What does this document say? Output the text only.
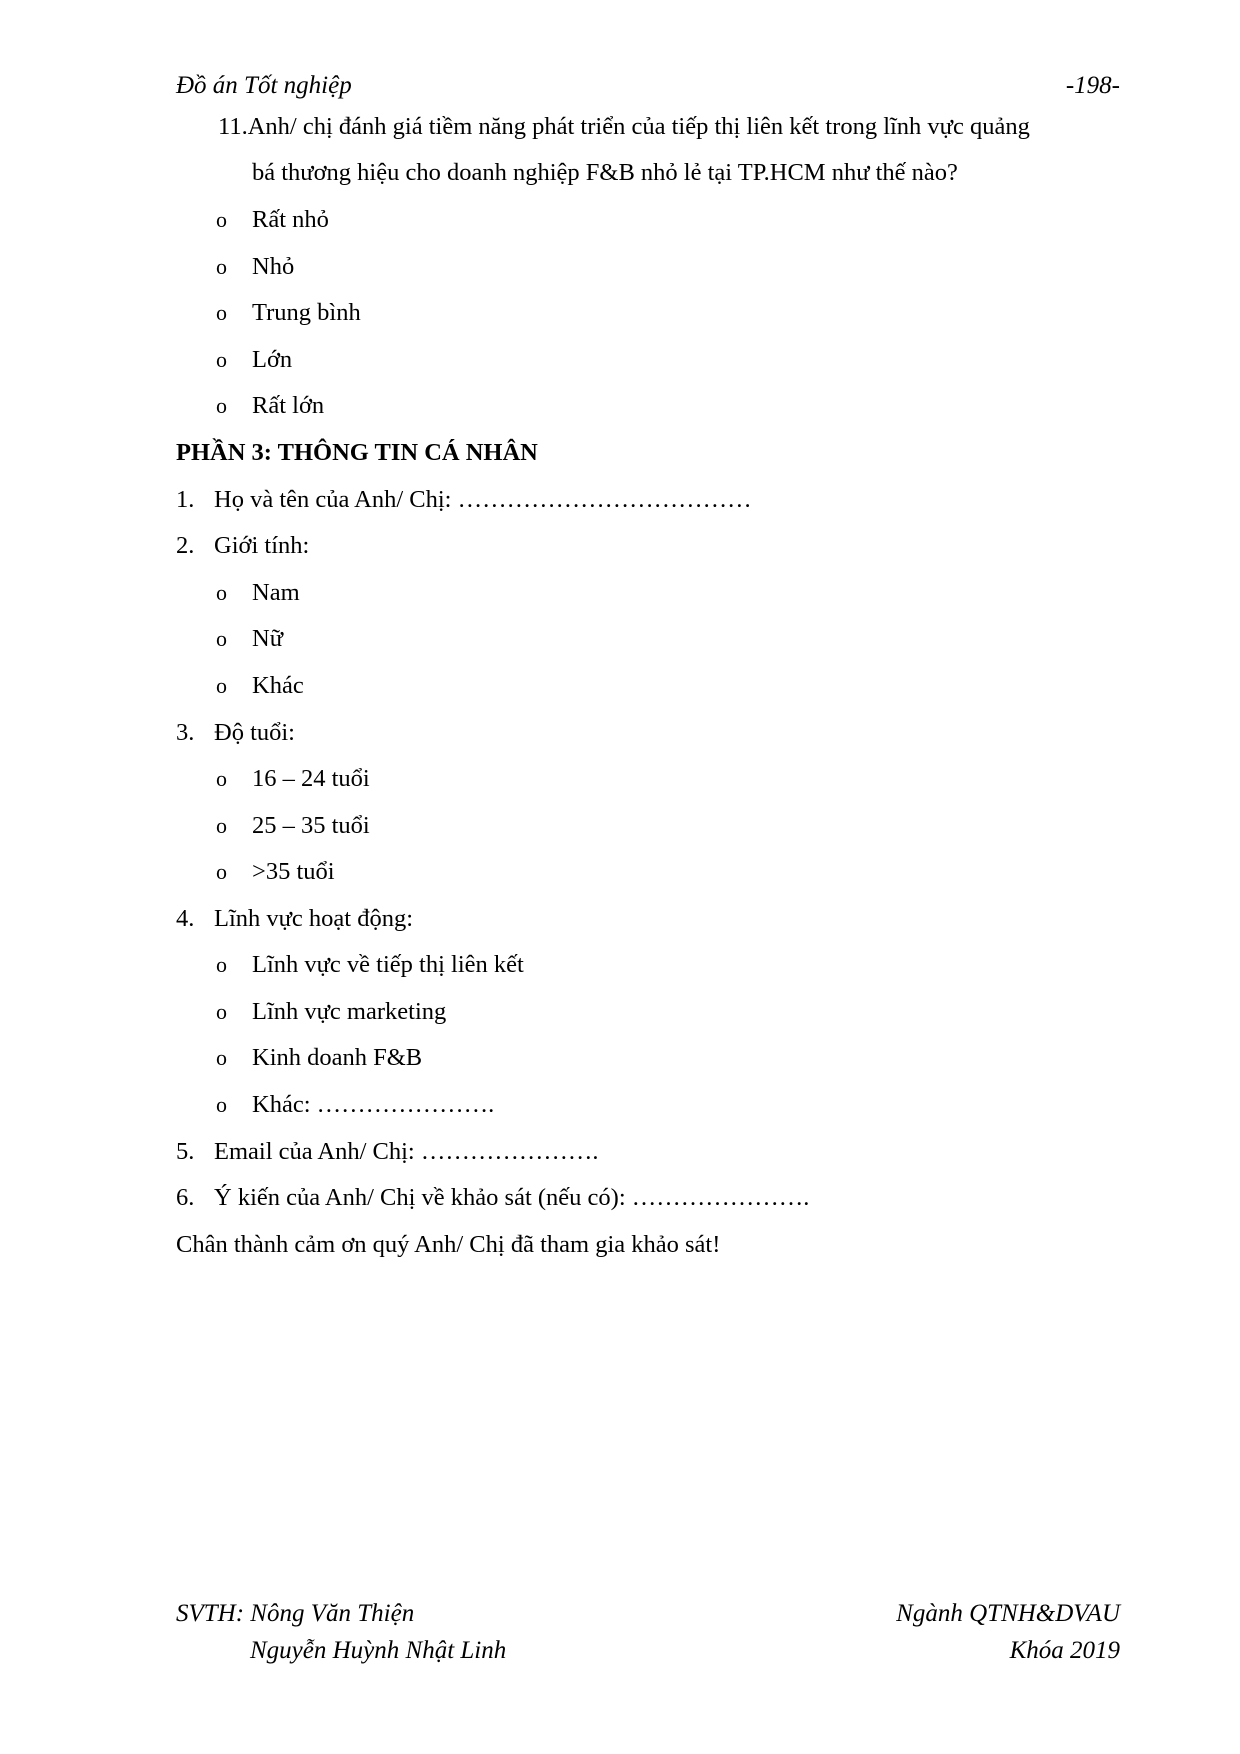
Đồ án Tốt nghiệp	-198-
11.Anh/ chị đánh giá tiềm năng phát triển của tiếp thị liên kết trong lĩnh vực quảng
bá thương hiệu cho doanh nghiệp F&B nhỏ lẻ tại TP.HCM như thế nào?
o Rất nhỏ
o Nhỏ
o Trung bình
o Lớn
o Rất lớn
PHẦN 3: THÔNG TIN CÁ NHÂN
1. Họ và tên của Anh/ Chị: ………………………………
2. Giới tính:
o Nam
o Nữ
o Khác
3. Độ tuổi:
o 16 – 24 tuổi
o 25 – 35 tuổi
o >35 tuổi
4. Lĩnh vực hoạt động:
o Lĩnh vực về tiếp thị liên kết
o Lĩnh vực marketing
o Kinh doanh F&B
o Khác: ………………….
5. Email của Anh/ Chị: ………………….
6. Ý kiến của Anh/ Chị về khảo sát (nếu có): ………………….
Chân thành cảm ơn quý Anh/ Chị đã tham gia khảo sát!
SVTH: Nông Văn Thiện
Nguyễn Huỳnh Nhật Linh
Ngành QTNH&DVAU
Khóa 2019
